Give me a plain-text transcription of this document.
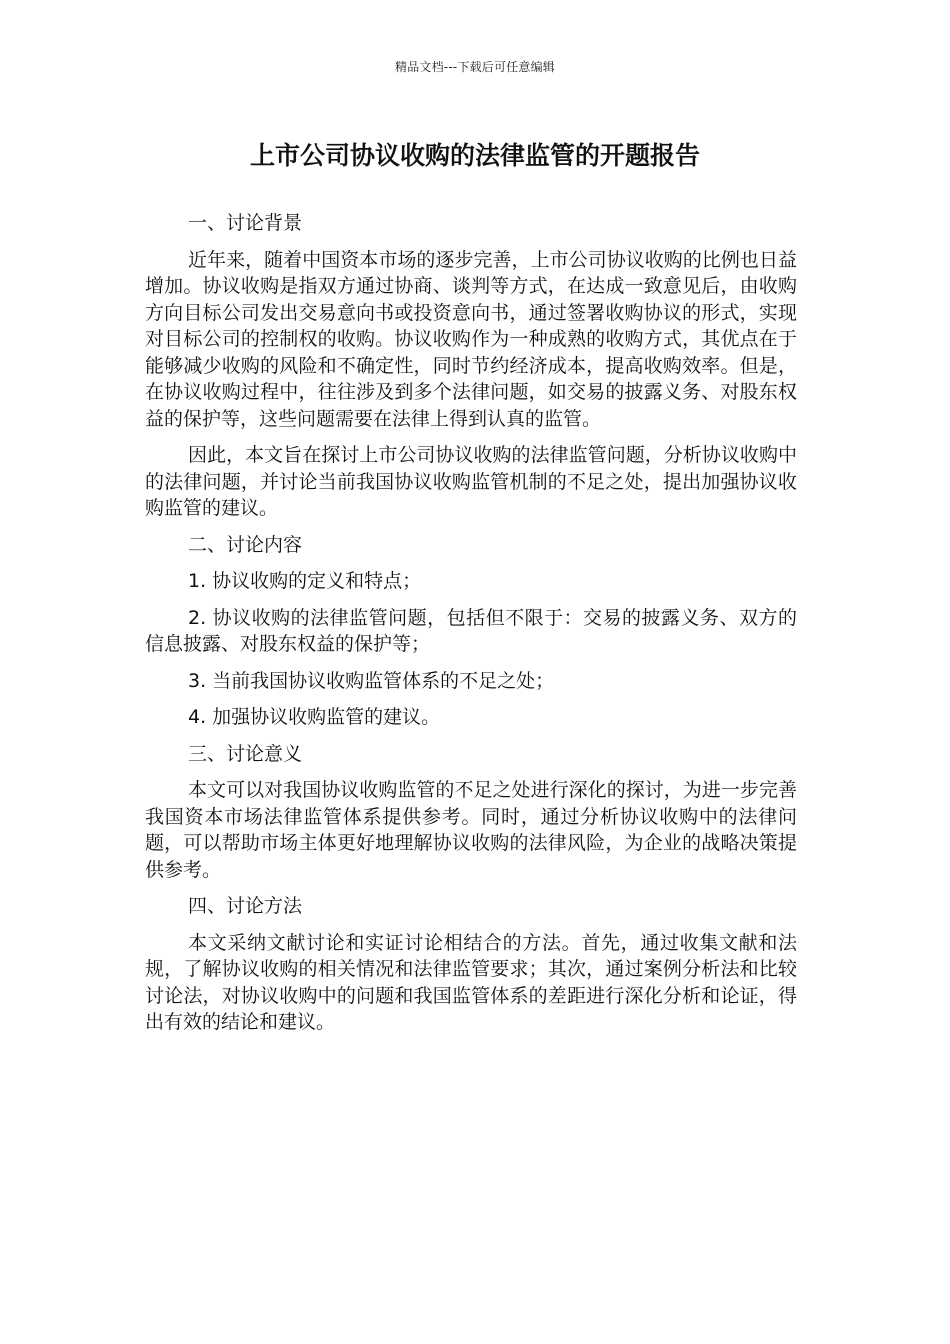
精品文档---下载后可任意编辑
上市公司协议收购的法律监管的开题报告

一、讨论背景

近年来，随着中国资本市场的逐步完善，上市公司协议收购的比例也日益增加。协议收购是指双方通过协商、谈判等方式，在达成一致意见后，由收购方向目标公司发出交易意向书或投资意向书，通过签署收购协议的形式，实现对目标公司的控制权的收购。协议收购作为一种成熟的收购方式，其优点在于能够减少收购的风险和不确定性，同时节约经济成本，提高收购效率。但是，在协议收购过程中，往往涉及到多个法律问题，如交易的披露义务、对股东权益的保护等，这些问题需要在法律上得到认真的监管。

因此，本文旨在探讨上市公司协议收购的法律监管问题，分析协议收购中的法律问题，并讨论当前我国协议收购监管机制的不足之处，提出加强协议收购监管的建议。

二、讨论内容

1. 协议收购的定义和特点；

2. 协议收购的法律监管问题，包括但不限于：交易的披露义务、双方的信息披露、对股东权益的保护等；

3. 当前我国协议收购监管体系的不足之处；

4. 加强协议收购监管的建议。

三、讨论意义

本文可以对我国协议收购监管的不足之处进行深化的探讨，为进一步完善我国资本市场法律监管体系提供参考。同时，通过分析协议收购中的法律问题，可以帮助市场主体更好地理解协议收购的法律风险，为企业的战略决策提供参考。

四、讨论方法

本文采纳文献讨论和实证讨论相结合的方法。首先，通过收集文献和法规，了解协议收购的相关情况和法律监管要求；其次，通过案例分析法和比较讨论法，对协议收购中的问题和我国监管体系的差距进行深化分析和论证，得出有效的结论和建议。
